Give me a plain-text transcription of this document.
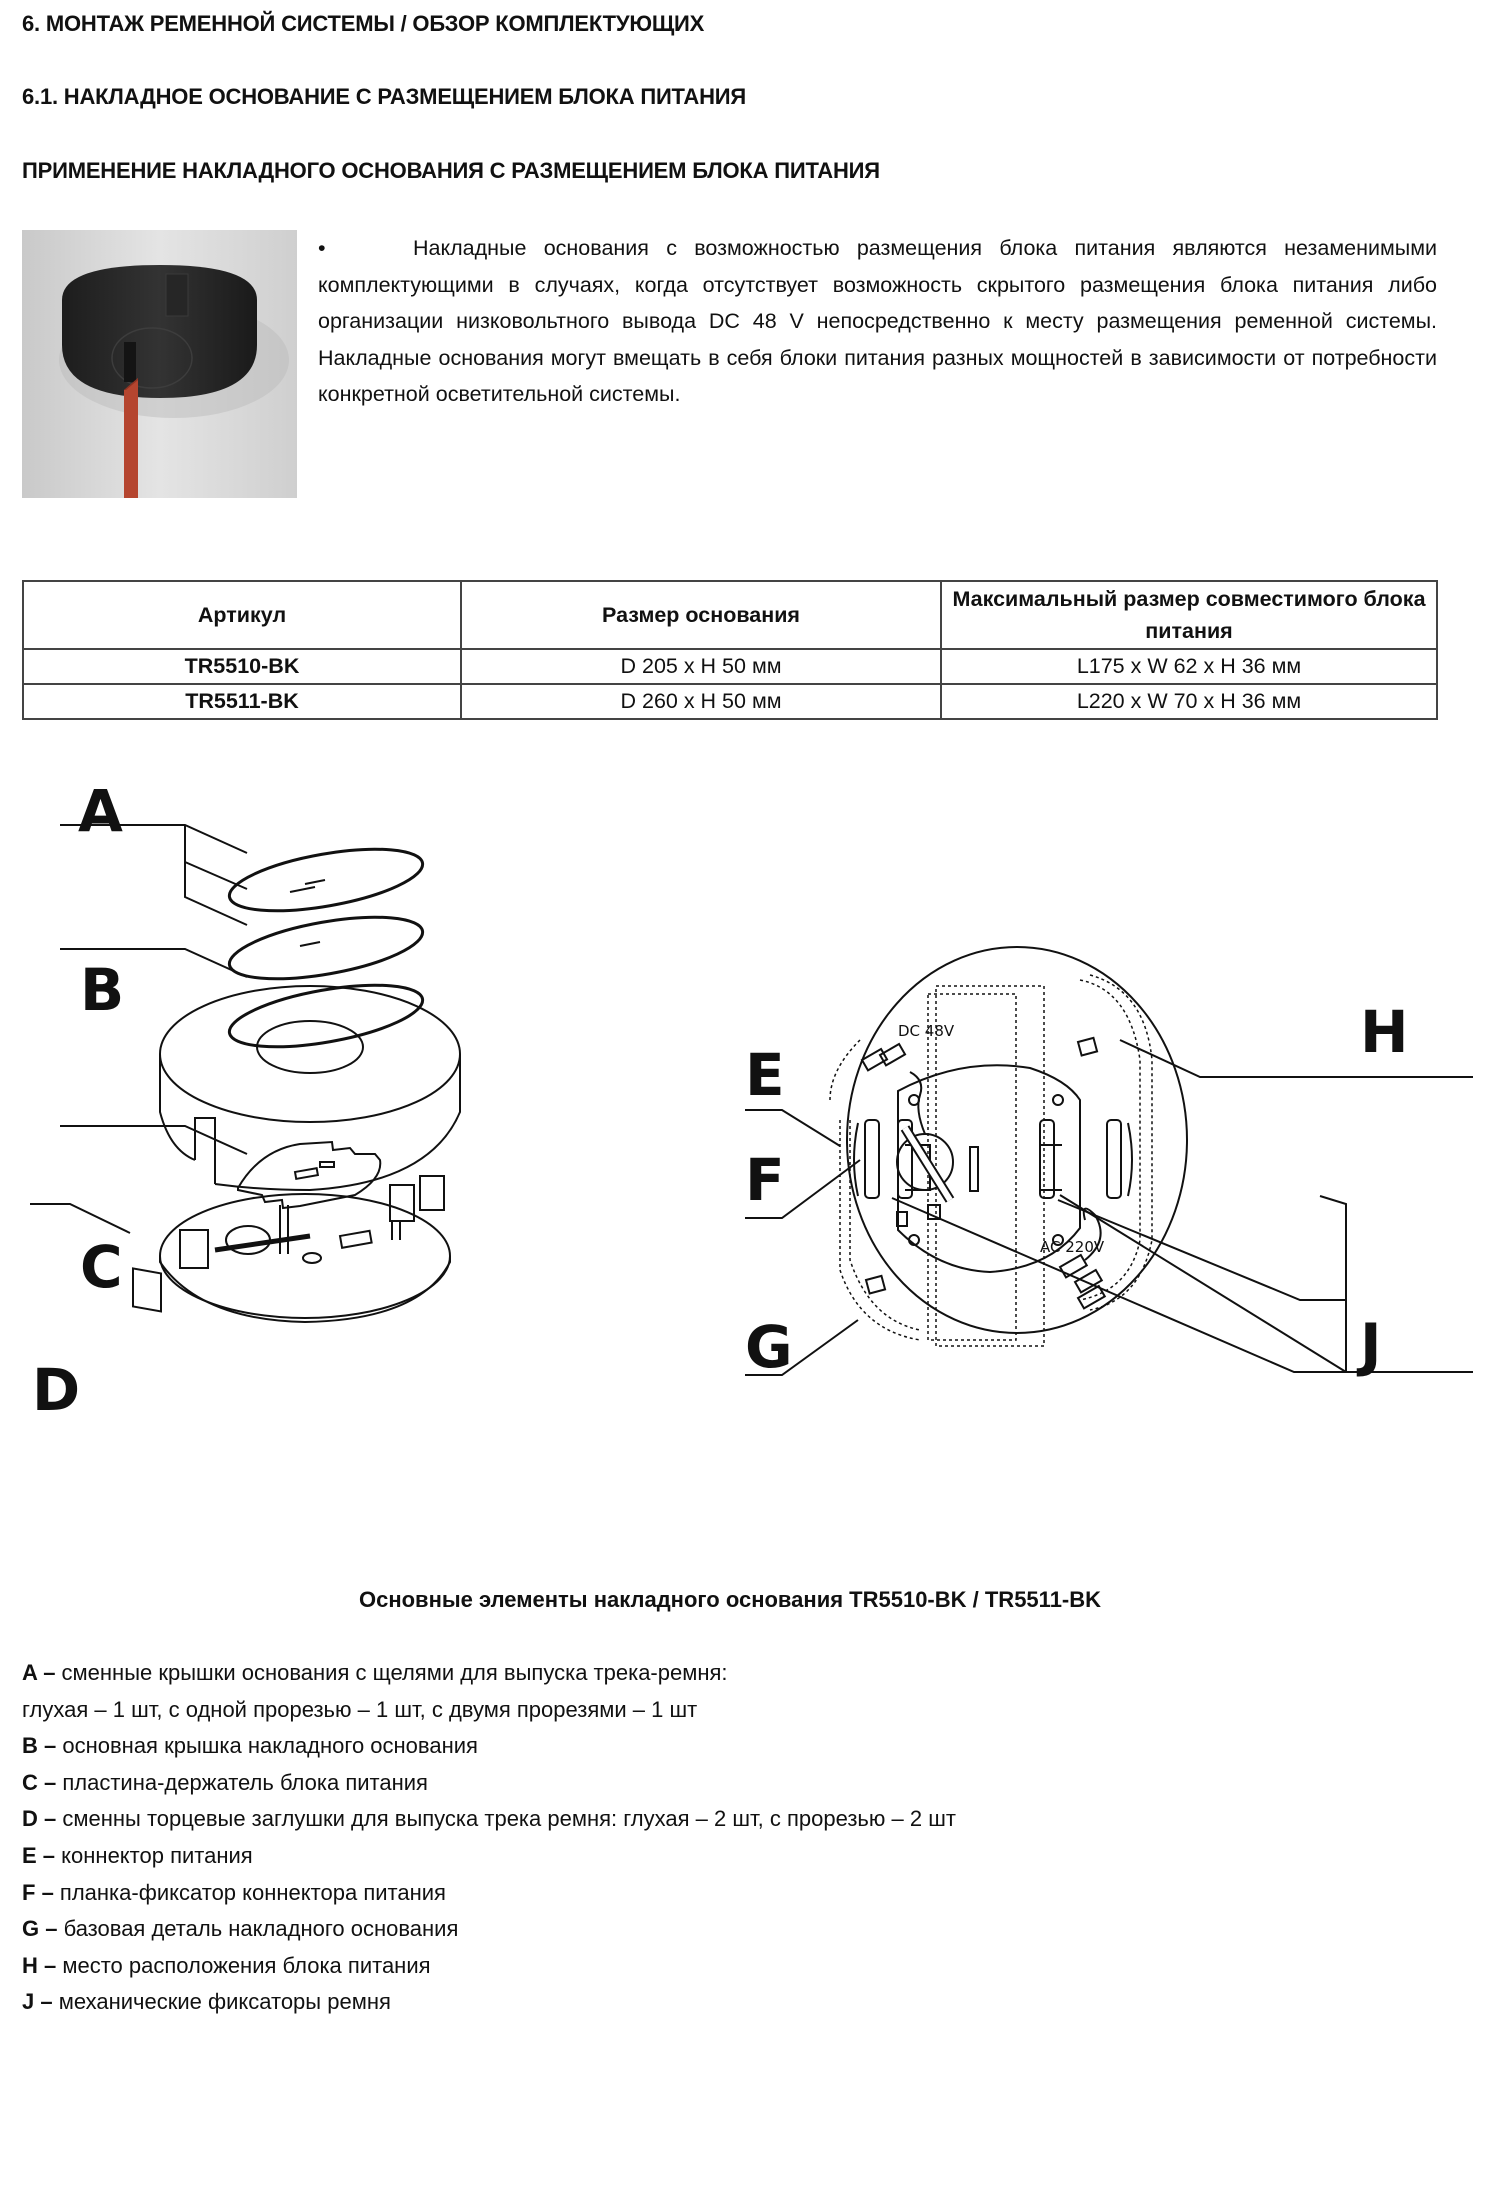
6. МОНТАЖ РЕМЕННОЙ СИСТЕМЫ / ОБЗОР КОМПЛЕКТУЮЩИХ
6.1. НАКЛАДНОЕ ОСНОВАНИЕ С РАЗМЕЩЕНИЕМ БЛОКА ПИТАНИЯ
ПРИМЕНЕНИЕ НАКЛАДНОГО ОСНОВАНИЯ С РАЗМЕЩЕНИЕМ БЛОКА ПИТАНИЯ
•	Накладные основания с возможностью размещения блока питания являются незаменимыми комплектующими в случаях, когда отсутствует возможность скрытого размещения блока питания либо организации низковольтного вывода DC 48 V непосредственно к месту размещения ременной системы. Накладные основания могут вмещать в себя блоки питания разных мощностей в зависимости от потребности конкретной осветительной системы.
Артикул	Размер основания	Максимальный размер совместимого блока питания
TR5510-BK	D 205 x H 50 мм	L175 x W 62 x H 36 мм
TR5511-BK	D 260 x H 50 мм	L220 x W 70 x H 36 мм
A
B
C
D
H
E
F
G	J
DC 48V
AC 220V
Основные элементы накладного основания TR5510-BK / TR5511-BK
A – сменные крышки основания с щелями для выпуска трека-ремня:
глухая – 1 шт, с одной прорезью – 1 шт, с двумя прорезями – 1 шт
B – основная крышка накладного основания
C – пластина-держатель блока питания
D – сменны торцевые заглушки для выпуска трека ремня: глухая – 2 шт, с прорезью – 2 шт
E – коннектор питания
F – планка-фиксатор коннектора питания
G – базовая деталь накладного основания
H – место расположения блока питания
J – механические фиксаторы ремня
